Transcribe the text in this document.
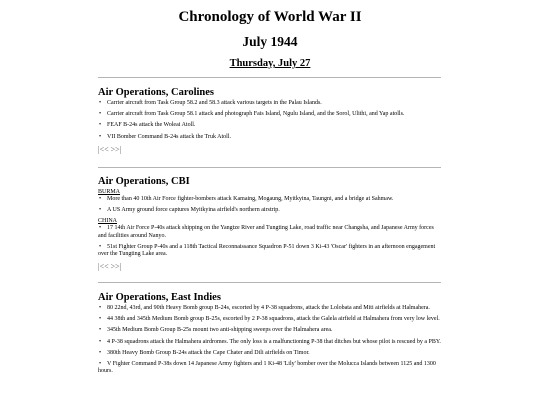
Chronology of World War II
July 1944
Thursday, July 27
Air Operations, Carolines
• Carrier aircraft from Task Group 58.2 and 58.3 attack various targets in the Palau Islands.
• Carrier aircraft from Task Group 58.1 attack and photograph Fais Island, Ngulu Island, and the Sorol, Ulithi, and Yap atolls.
• FEAF B-24s attack the Woleai Atoll.
• VII Bomber Command B-24s attack the Truk Atoll.
|<< >>|
Air Operations, CBI
BURMA
• More than 40 10th Air Force fighter-bombers attack Kamaing, Mogaung, Myitkyina, Taungni, and a bridge at Sahmaw.
• A US Army ground force captures Myitkyina airfield's northern airstrip.
CHINA
• 17 14th Air Force P-40s attack shipping on the Yangtze River and Tungting Lake, road traffic near Changsha, and Japanese Army forces and facilities around Nanyo.
• 51st Fighter Group P-40s and a 118th Tactical Reconnaissance Squadron P-51 down 3 Ki-43 'Oscar' fighters in an afternoon engagement over the Tungting Lake area.
|<< >>|
Air Operations, East Indies
• 80 22nd, 43rd, and 90th Heavy Bomb group B-24s, escorted by 4 P-38 squadrons, attack the Lolobata and Miti airfields at Halmahera.
• 44 38th and 345th Medium Bomb group B-25s, escorted by 2 P-38 squadrons, attack the Galela airfield at Halmahera from very low level.
• 345th Medium Bomb Group B-25s mount two anti-shipping sweeps over the Halmahera area.
• 4 P-38 squadrons attack the Halmahera airdromes. The only loss is a malfunctioning P-38 that ditches but whose pilot is rescued by a PBY.
• 380th Heavy Bomb Group B-24s attack the Cape Chater and Dili airfields on Timor.
• V Fighter Command P-38s down 14 Japanese Army fighters and 1 Ki-48 'Lily' bomber over the Molucca Islands between 1125 and 1300 hours.
